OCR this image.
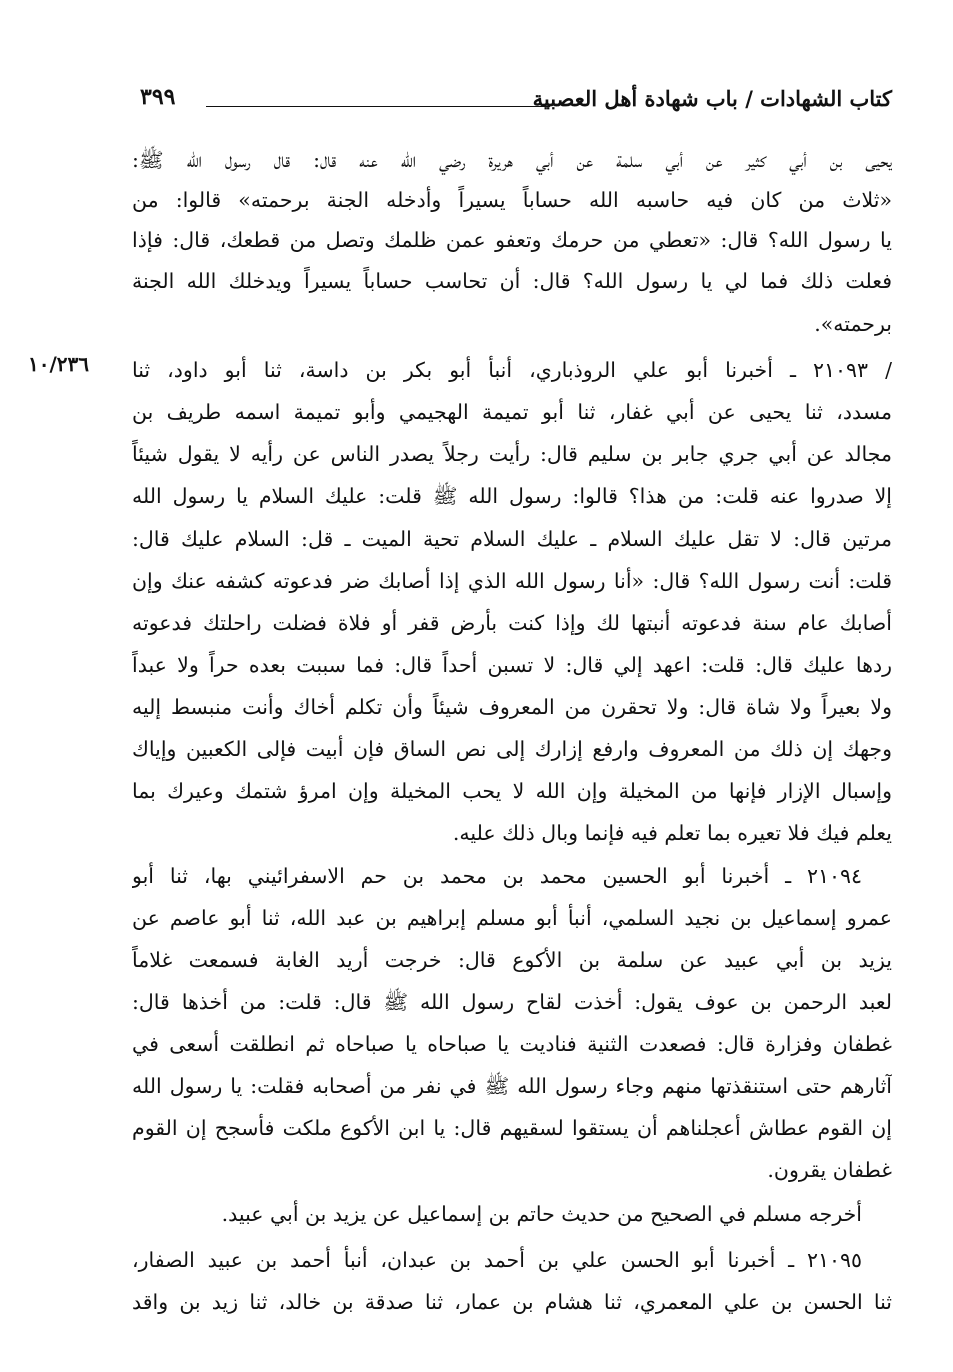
كتاب الشهادات / باب شهادة أهل العصبية
٣٩٩
١٠/٢٣٦
يحيى بن أبي كثير عن أبي سلمة عن أبي هريرة رضي الله عنه قال: قال رسول الله ﷺ:
«ثلاث من كان فيه حاسبه الله حساباً يسيراً وأدخله الجنة برحمته» قالوا: من
يا رسول الله؟ قال: «تعطي من حرمك وتعفو عمن ظلمك وتصل من قطعك، قال: فإذا
فعلت ذلك فما لي يا رسول الله؟ قال: أن تحاسب حساباً يسيراً ويدخلك الله الجنة
برحمته».
/ ٢١٠٩٣ ـ أخبرنا أبو علي الروذباري، أنبأ أبو بكر بن داسة، ثنا أبو داود، ثنا
مسدد، ثنا يحيى عن أبي غفار، ثنا أبو تميمة الهجيمي وأبو تميمة اسمه طريف بن
مجالد عن أبي جري جابر بن سليم قال: رأيت رجلاً يصدر الناس عن رأيه لا يقول شيئاً
إلا صدروا عنه قلت: من هذا؟ قالوا: رسول الله ﷺ قلت: عليك السلام يا رسول الله
مرتين قال: لا تقل عليك السلام ـ عليك السلام تحية الميت ـ قل: السلام عليك قال:
قلت: أنت رسول الله؟ قال: «أنا رسول الله الذي إذا أصابك ضر فدعوته كشفه عنك وإن
أصابك عام سنة فدعوته أنبتها لك وإذا كنت بأرض قفر أو فلاة فضلت راحلتك فدعوته
ردها عليك قال: قلت: اعهد إلي قال: لا تسبن أحداً قال: فما سببت بعده حراً ولا عبداً
ولا بعيراً ولا شاة قال: ولا تحقرن من المعروف شيئاً وأن تكلم أخاك وأنت منبسط إليه
وجهك إن ذلك من المعروف وارفع إزارك إلى نص الساق فإن أبيت فإلى الكعبين وإياك
وإسبال الإزار فإنها من المخيلة وإن الله لا يحب المخيلة وإن امرؤ شتمك وعيرك بما
يعلم فيك فلا تعيره بما تعلم فيه فإنما وبال ذلك عليه.
٢١٠٩٤ ـ أخبرنا أبو الحسين محمد بن محمد بن حم الاسفرائيني بها، ثنا أبو
عمرو إسماعيل بن نجيد السلمي، أنبأ أبو مسلم إبراهيم بن عبد الله، ثنا أبو عاصم عن
يزيد بن أبي عبيد عن سلمة بن الأكوع قال: خرجت أريد الغابة فسمعت غلاماً
لعبد الرحمن بن عوف يقول: أخذت لقاح رسول الله ﷺ قال: قلت: من أخذها قال:
غطفان وفزارة قال: فصعدت الثنية فناديت يا صباحاه يا صباحاه ثم انطلقت أسعى في
آثارهم حتى استنقذتها منهم وجاء رسول الله ﷺ في نفر من أصحابه فقلت: يا رسول الله
إن القوم عطاش أعجلناهم أن يستقوا لسقيهم قال: يا ابن الأكوع ملكت فأسجح إن القوم
غطفان يقرون.
أخرجه مسلم في الصحيح من حديث حاتم بن إسماعيل عن يزيد بن أبي عبيد.
٢١٠٩٥ ـ أخبرنا أبو الحسن علي بن أحمد بن عبدان، أنبأ أحمد بن عبيد الصفار،
ثنا الحسن بن علي المعمري، ثنا هشام بن عمار، ثنا صدقة بن خالد، ثنا زيد بن واقد
